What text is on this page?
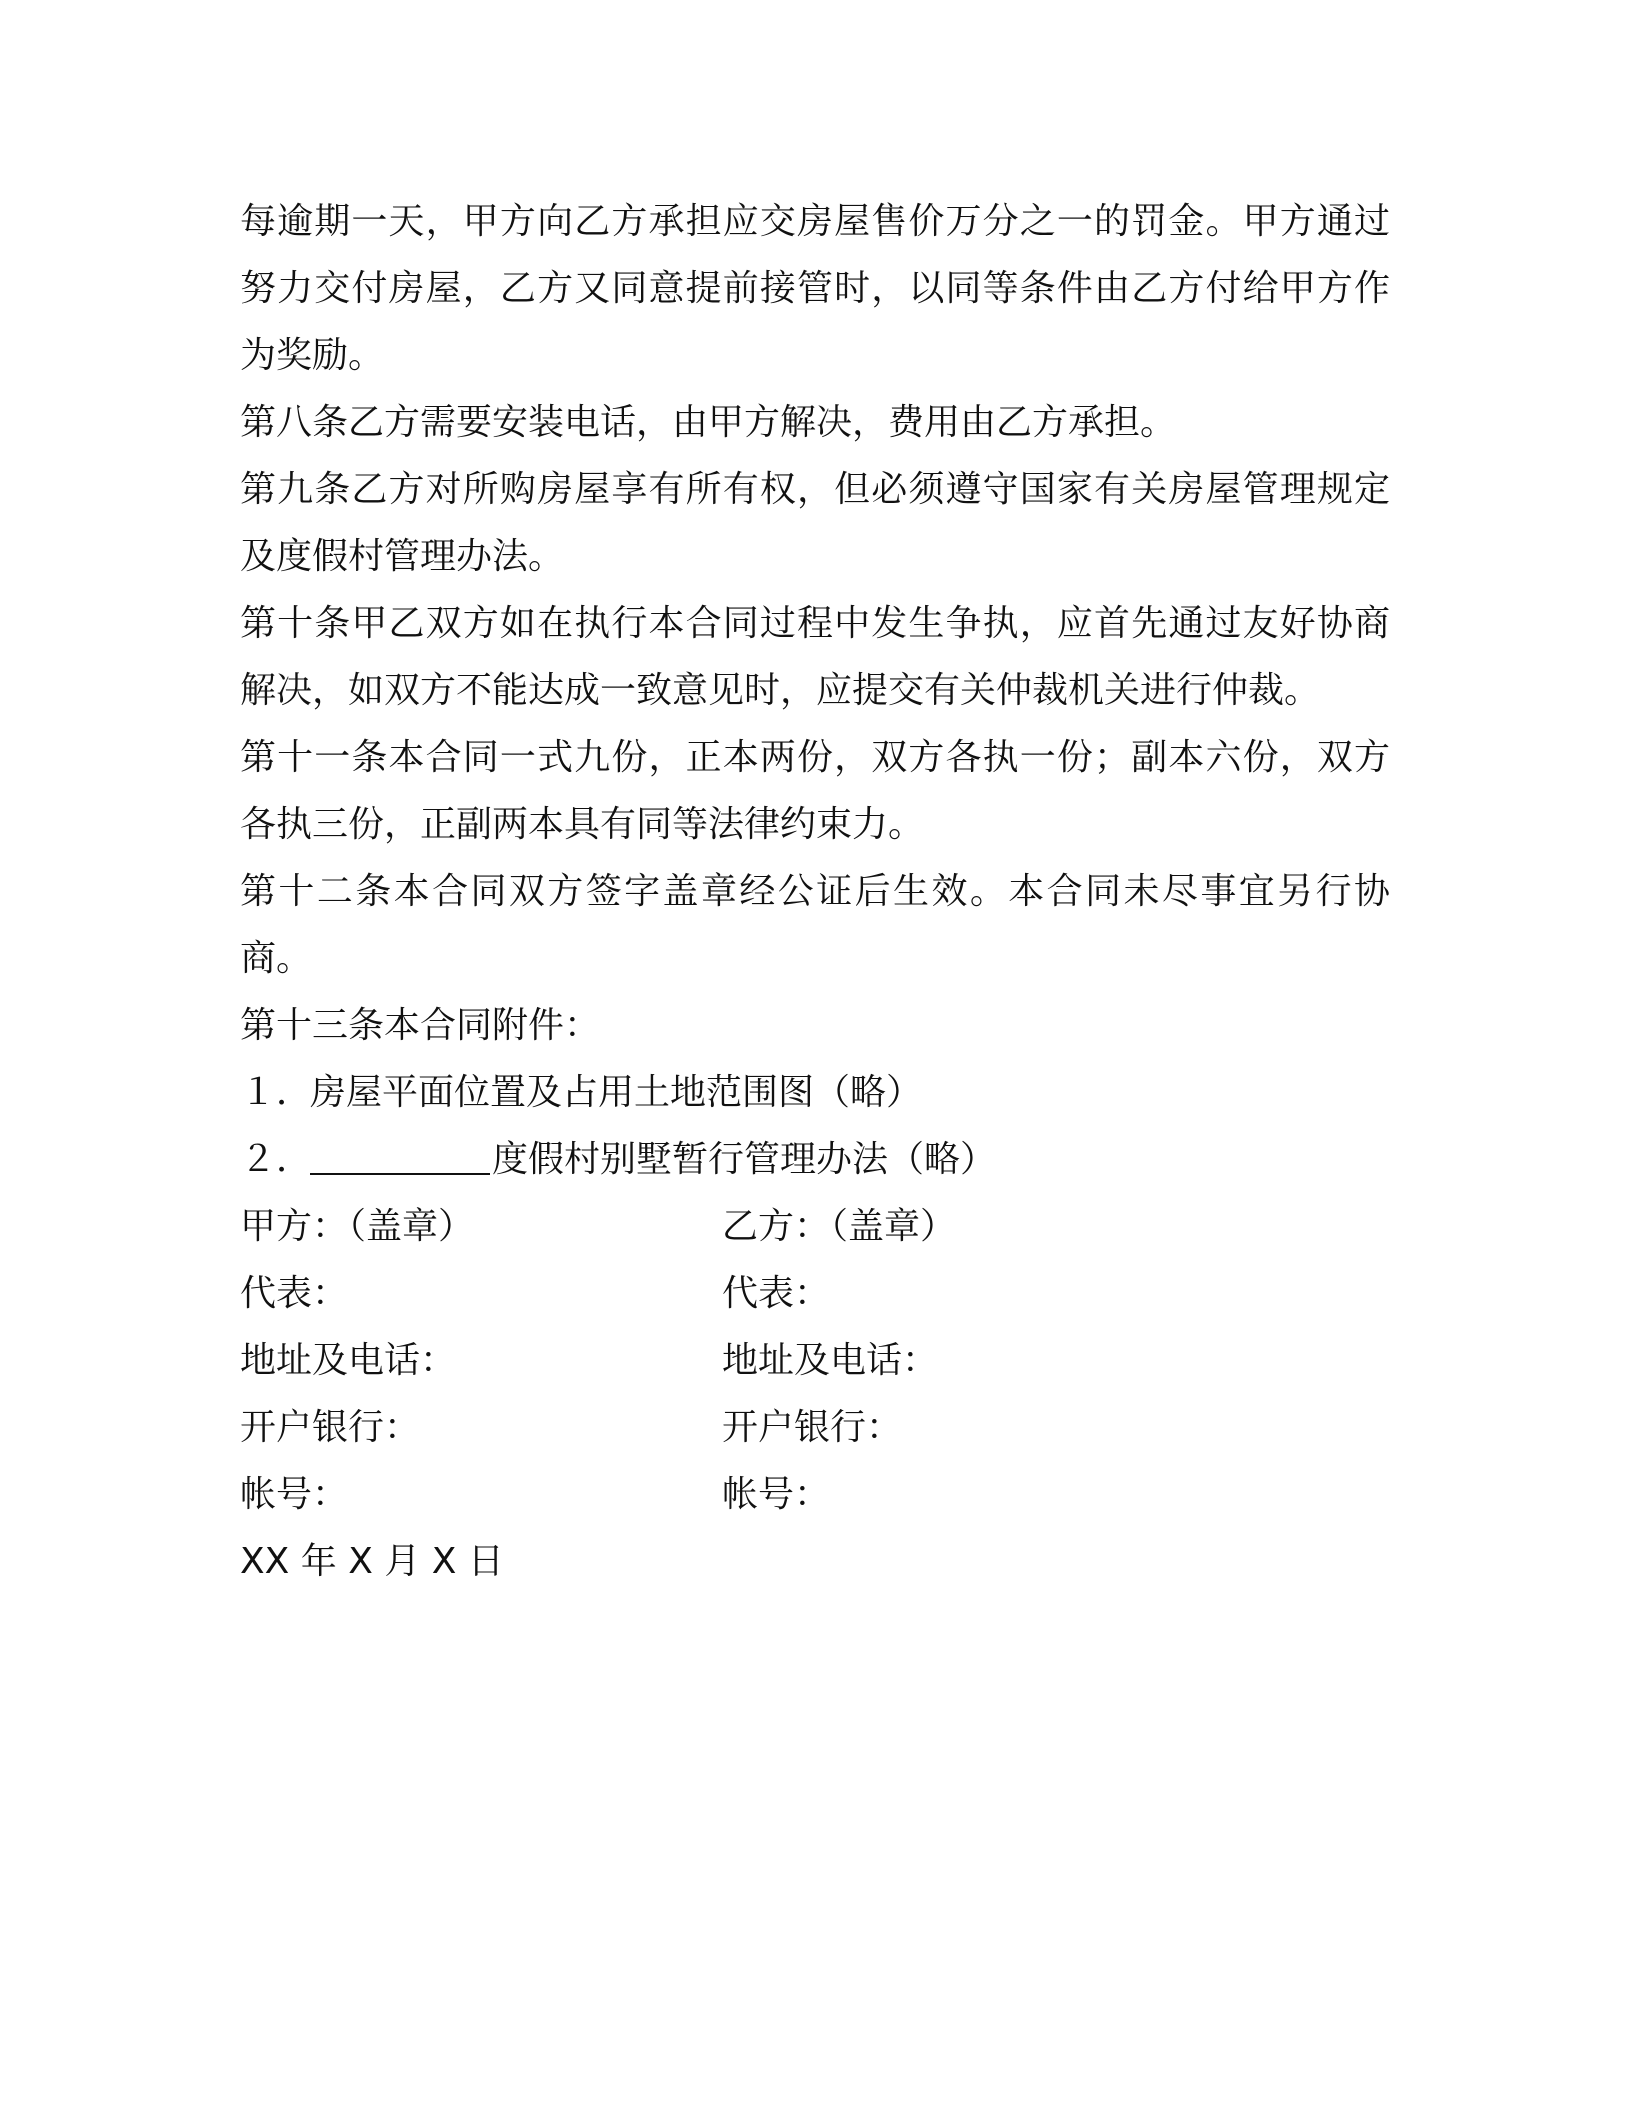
每逾期一天，甲方向乙方承担应交房屋售价万分之一的罚金。甲方通过努力交付房屋，乙方又同意提前接管时，以同等条件由乙方付给甲方作为奖励。

第八条乙方需要安装电话，由甲方解决，费用由乙方承担。

第九条乙方对所购房屋享有所有权，但必须遵守国家有关房屋管理规定及度假村管理办法。

第十条甲乙双方如在执行本合同过程中发生争执，应首先通过友好协商解决，如双方不能达成一致意见时，应提交有关仲裁机关进行仲裁。

第十一条本合同一式九份，正本两份，双方各执一份；副本六份，双方各执三份，正副两本具有同等法律约束力。

第十二条本合同双方签字盖章经公证后生效。本合同未尽事宜另行协商。

第十三条本合同附件：

１．房屋平面位置及占用土地范围图（略）
２．	度假村别墅暂行管理办法（略）
甲方：（盖章）	乙方：（盖章）
代表：	代表：
地址及电话：	地址及电话：
开户银行：	开户银行：
帐号：	帐号：

XX 年 X 月 X 日
